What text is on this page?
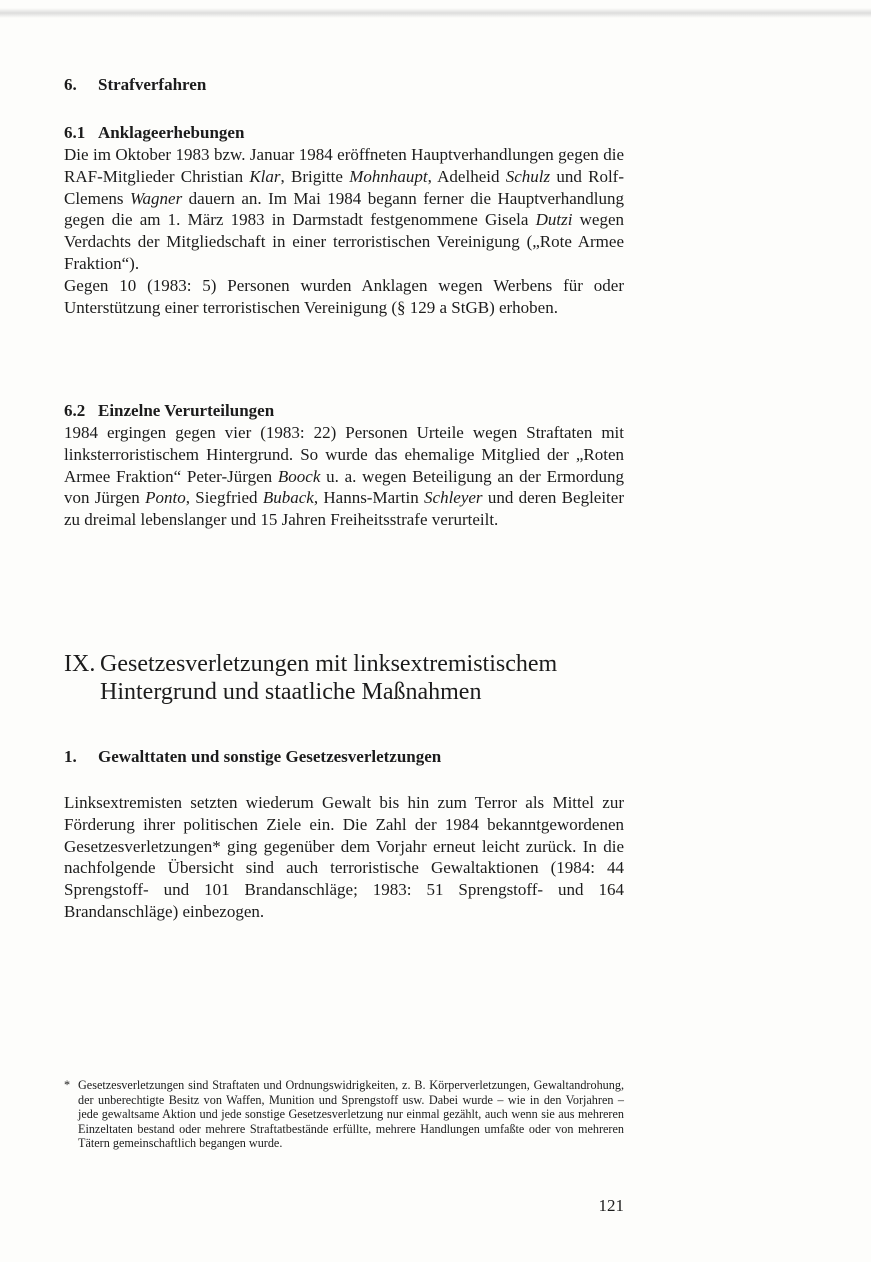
6. Strafverfahren
6.1 Anklageerhebungen

Die im Oktober 1983 bzw. Januar 1984 eröffneten Hauptverhandlungen gegen die RAF-Mitglieder Christian Klar, Brigitte Mohnhaupt, Adelheid Schulz und Rolf-Clemens Wagner dauern an. Im Mai 1984 begann ferner die Hauptverhandlung gegen die am 1. März 1983 in Darmstadt festgenommene Gisela Dutzi wegen Verdachts der Mitgliedschaft in einer terroristischen Vereinigung („Rote Armee Fraktion“).

Gegen 10 (1983: 5) Personen wurden Anklagen wegen Werbens für oder Unterstützung einer terroristischen Vereinigung (§ 129 a StGB) erhoben.

6.2 Einzelne Verurteilungen

1984 ergingen gegen vier (1983: 22) Personen Urteile wegen Straftaten mit linksterroristischem Hintergrund. So wurde das ehemalige Mitglied der „Roten Armee Fraktion“ Peter-Jürgen Boock u. a. wegen Beteiligung an der Ermordung von Jürgen Ponto, Siegfried Buback, Hanns-Martin Schleyer und deren Begleiter zu dreimal lebenslanger und 15 Jahren Freiheitsstrafe verurteilt.

IX. Gesetzesverletzungen mit linksextremistischem
Hintergrund und staatliche Maßnahmen
1. Gewalttaten und sonstige Gesetzesverletzungen

Linksextremisten setzten wiederum Gewalt bis hin zum Terror als Mittel zur Förderung ihrer politischen Ziele ein. Die Zahl der 1984 bekanntgewordenen Gesetzesverletzungen* ging gegenüber dem Vorjahr erneut leicht zurück. In die nachfolgende Übersicht sind auch terroristische Gewaltaktionen (1984: 44 Sprengstoff- und 101 Brandanschläge; 1983: 51 Sprengstoff- und 164 Brandanschläge) einbezogen.

* Gesetzesverletzungen sind Straftaten und Ordnungswidrigkeiten, z. B. Körperverletzungen, Gewaltandrohung, der unberechtigte Besitz von Waffen, Munition und Sprengstoff usw. Dabei wurde – wie in den Vorjahren – jede gewaltsame Aktion und jede sonstige Gesetzesverletzung nur einmal gezählt, auch wenn sie aus mehreren Einzeltaten bestand oder mehrere Straftatbestände erfüllte, mehrere Handlungen umfaßte oder von mehreren Tätern gemeinschaftlich begangen wurde.
121
